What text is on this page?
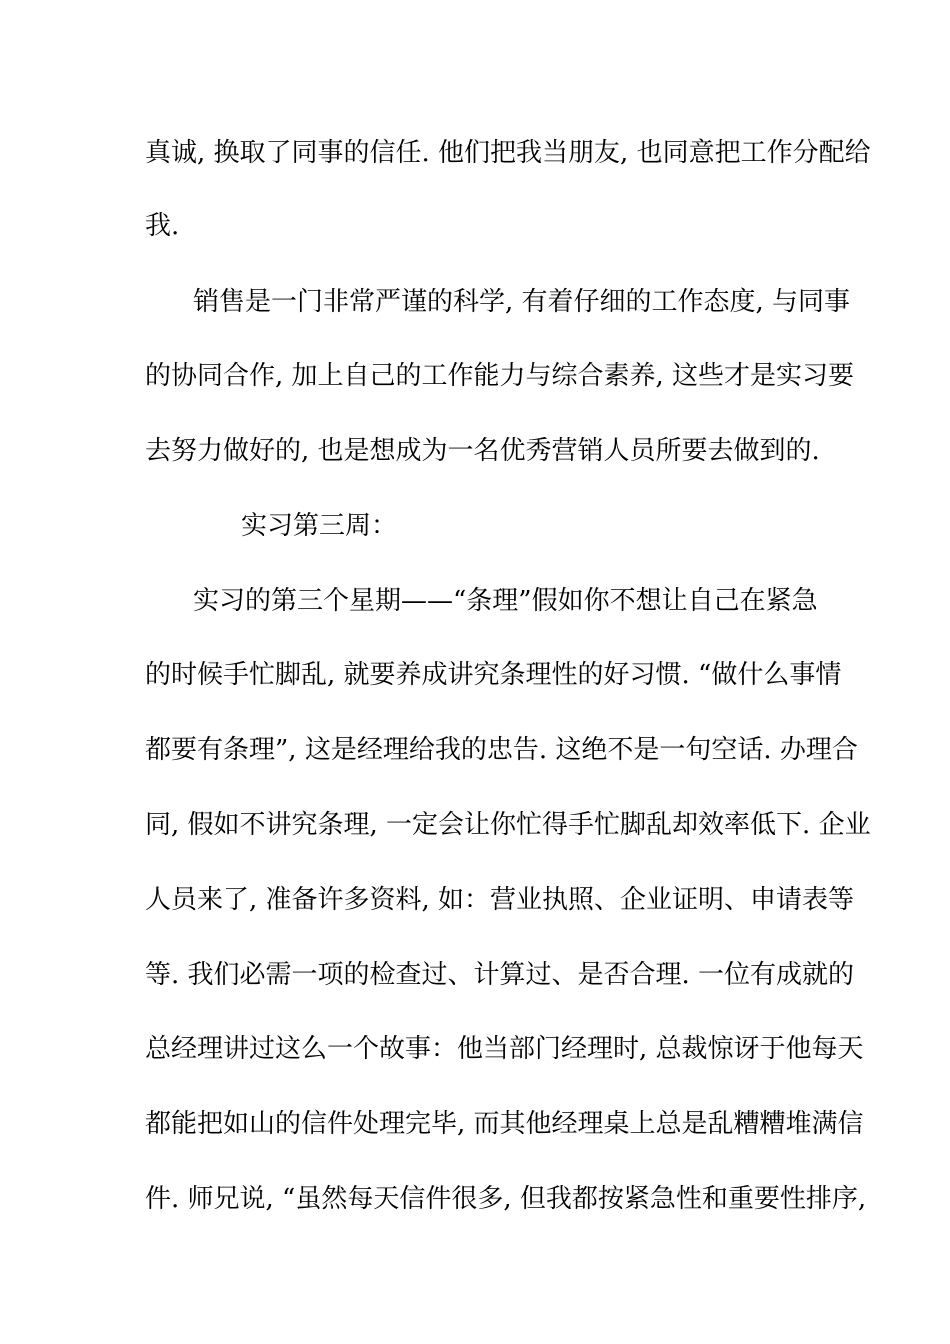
真诚, 换取了同事的信任. 他们把我当朋友, 也同意把工作分配给
我.
销售是一门非常严谨的科学, 有着仔细的工作态度, 与同事
的协同合作, 加上自己的工作能力与综合素养, 这些才是实习要
去努力做好的, 也是想成为一名优秀营销人员所要去做到的.
实习第三周：
实习的第三个星期——“条理”假如你不想让自己在紧急
的时候手忙脚乱, 就要养成讲究条理性的好习惯. “做什么事情
都要有条理”, 这是经理给我的忠告. 这绝不是一句空话. 办理合
同, 假如不讲究条理, 一定会让你忙得手忙脚乱却效率低下. 企业
人员来了, 准备许多资料, 如：营业执照、企业证明、申请表等
等. 我们必需一项的检查过、计算过、是否合理. 一位有成就的
总经理讲过这么一个故事：他当部门经理时, 总裁惊讶于他每天
都能把如山的信件处理完毕, 而其他经理桌上总是乱糟糟堆满信
件. 师兄说, “虽然每天信件很多, 但我都按紧急性和重要性排序,
